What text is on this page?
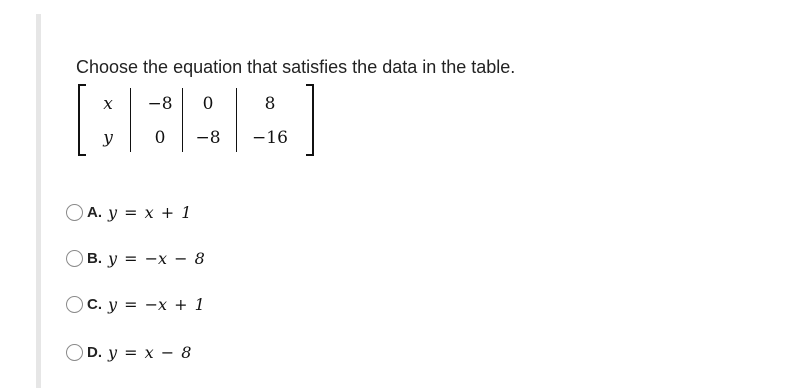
Choose the equation that satisfies the data in the table.
x
y
−8
0
0
−8
8
−16
A. y = x + 1
B. y = −x − 8
C. y = −x + 1
D. y = x − 8
